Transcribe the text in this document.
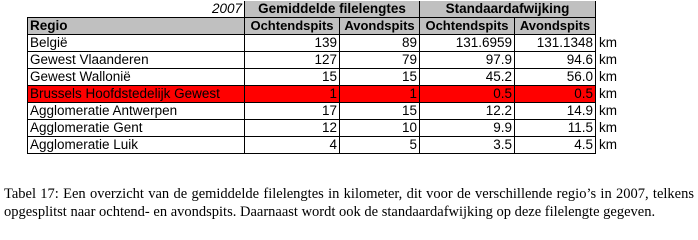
2007	Gemiddelde filelengtes		Standaardafwijking		
Regio	Ochtendspits	Avondspits	Ochtendspits	Avondspits	
België	139	89	131.6959	131.1348	km
Gewest Vlaanderen	127	79	97.9	94.6	km
Gewest Wallonië	15	15	45.2	56.0	km
Brussels Hoofdstedelijk Gewest	1	1	0.5	0.5	km
Agglomeratie Antwerpen	17	15	12.2	14.9	km
Agglomeratie Gent	12	10	9.9	11.5	km
Agglomeratie Luik	4	5	3.5	4.5	km
Tabel 17: Een overzicht van de gemiddelde filelengtes in kilometer, dit voor de verschillende regio’s in 2007, telkens opgesplitst naar ochtend- en avondspits. Daarnaast wordt ook de standaardafwijking op deze filelengte gegeven.
